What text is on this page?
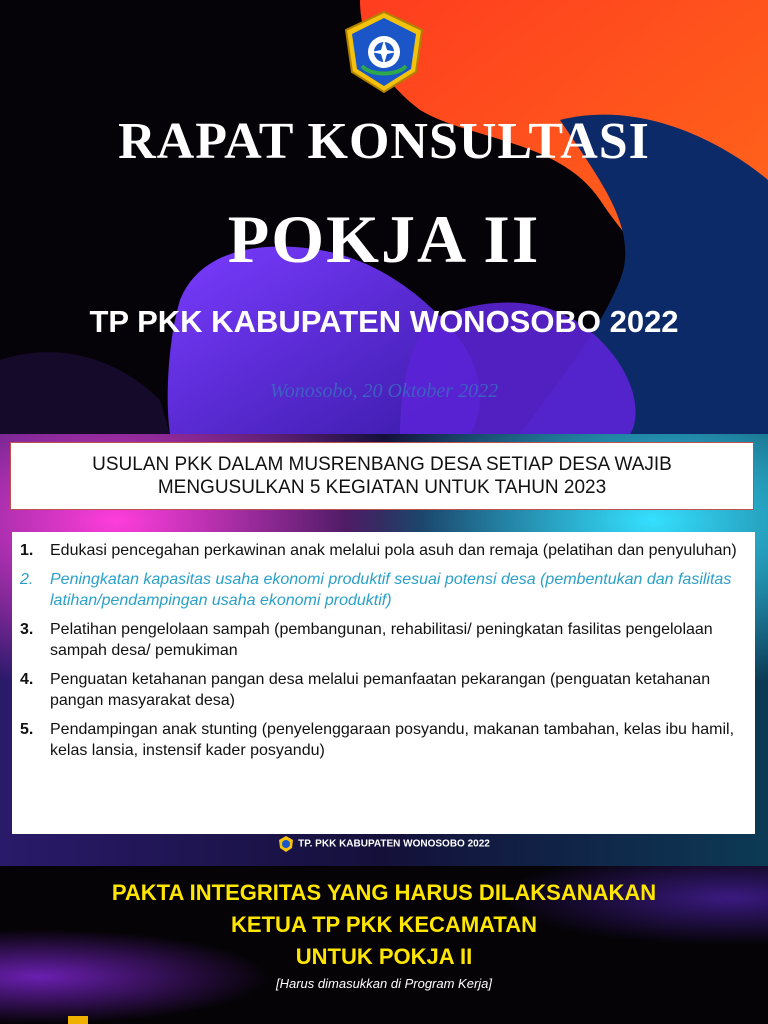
RAPAT KONSULTASI
POKJA II
TP PKK KABUPATEN WONOSOBO 2022
Wonosobo, 20 Oktober 2022
USULAN PKK DALAM MUSRENBANG DESA SETIAP DESA WAJIB
MENGUSULKAN 5 KEGIATAN UNTUK TAHUN 2023
1.	Edukasi pencegahan perkawinan anak melalui pola asuh dan remaja (pelatihan dan penyuluhan)
2.	Peningkatan kapasitas usaha ekonomi produktif sesuai potensi desa (pembentukan dan fasilitas latihan/pendampingan usaha ekonomi produktif)
3.	Pelatihan pengelolaan sampah (pembangunan, rehabilitasi/ peningkatan fasilitas pengelolaan sampah desa/ pemukiman
4.	Penguatan ketahanan pangan desa melalui pemanfaatan pekarangan (penguatan ketahanan pangan masyarakat desa)
5.	Pendampingan anak stunting (penyelenggaraan posyandu, makanan tambahan, kelas ibu hamil, kelas lansia, instensif kader posyandu)
TP. PKK KABUPATEN WONOSOBO 2022
PAKTA INTEGRITAS YANG HARUS DILAKSANAKAN
KETUA TP PKK KECAMATAN
UNTUK POKJA II
[Harus dimasukkan di Program Kerja]
